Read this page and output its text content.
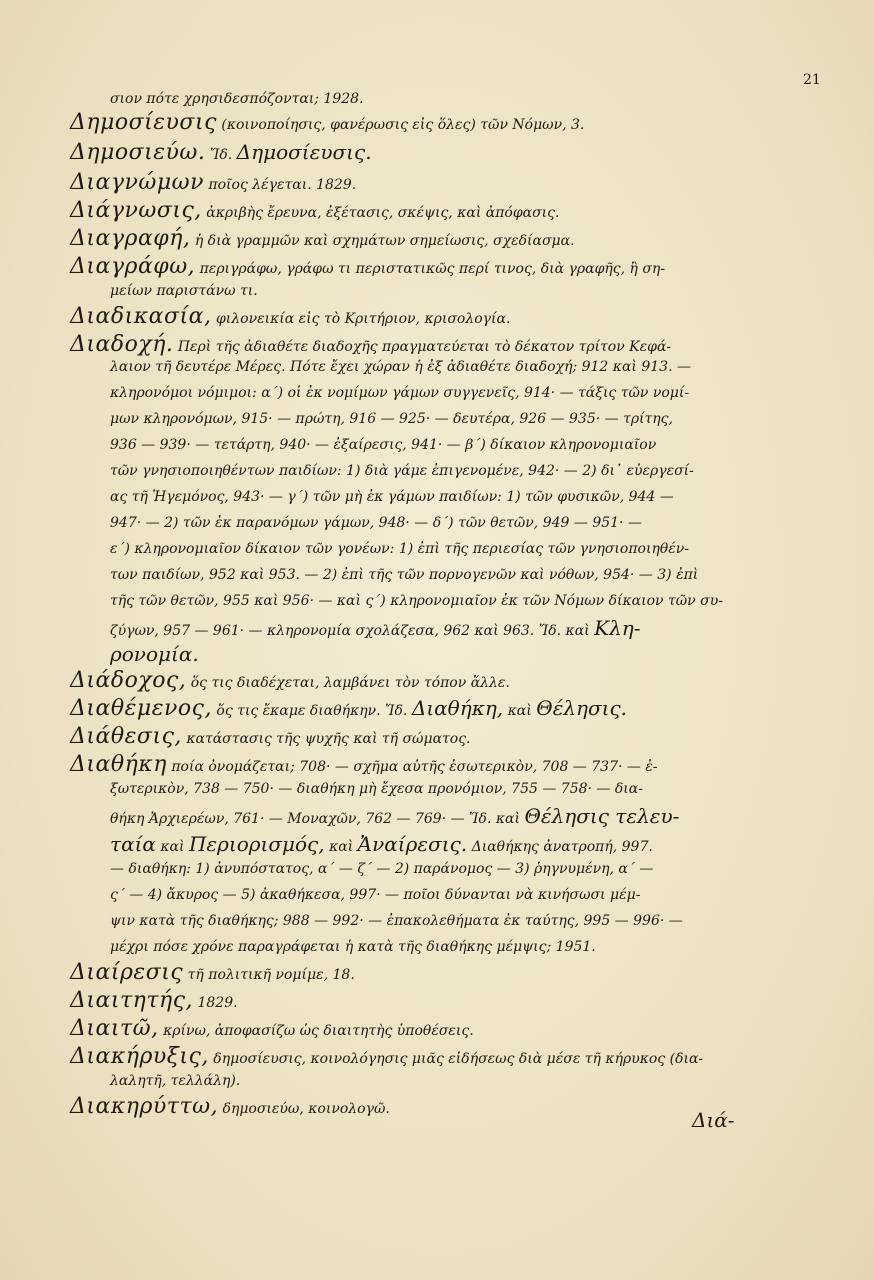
21
σιον πότε χρησιδεσπόζονται; 1928.
Δημοσίευσις (κοινοποίησις, φανέρωσις εἰς ὅλες) τῶν Νόμων, 3.
Δημοσιεύω. Ἴδ. Δημοσίευσις.
Διαγνώμων ποῖος λέγεται. 1829.
Διάγνωσις, ἀκριβὴς ἔρευνα, ἐξέτασις, σκέψις, καὶ ἀπόφασις.
Διαγραφή, ἡ διὰ γραμμῶν καὶ σχημάτων σημείωσις, σχεδίασμα.
Διαγράφω, περιγράφω, γράφω τι περιστατικῶς περί τινος, διὰ γραφῆς, ἢ ση-
μείων παριστάνω τι.
Διαδικασία, φιλονεικία εἰς τὸ Κριτήριον, κρισολογία.
Διαδοχή. Περὶ τῆς ἀδιαθέτε διαδοχῆς πραγματεύεται τὸ δέκατον τρίτον Κεφά-
λαιον τῆ δευτέρε Μέρες. Πότε ἔχει χώραν ἡ ἐξ ἀδιαθέτε διαδοχή; 912 καὶ 913. —
κληρονόμοι νόμιμοι: α΄) οἱ ἐκ νομίμων γάμων συγγενεῖς, 914· — τάξις τῶν νομί-
μων κληρονόμων, 915· — πρώτη, 916 — 925· — δευτέρα, 926 — 935· — τρίτης,
936 — 939· — τετάρτη, 940· — ἐξαίρεσις, 941· — β΄) δίκαιον κληρονομιαῖον
τῶν γνησιοποιηθέντων παιδίων: 1) διὰ γάμε ἐπιγενομένε, 942· — 2) δι᾽ εὐεργεσί-
ας τῆ Ἡγεμόνος, 943· — γ΄) τῶν μὴ ἐκ γάμων παιδίων: 1) τῶν φυσικῶν, 944 —
947· — 2) τῶν ἐκ παρανόμων γάμων, 948· — δ΄) τῶν θετῶν, 949 — 951· —
ε΄) κληρονομιαῖον δίκαιον τῶν γονέων: 1) ἐπὶ τῆς περιεσίας τῶν γνησιοποιηθέν-
των παιδίων, 952 καὶ 953. — 2) ἐπὶ τῆς τῶν πορνογενῶν καὶ νόθων, 954· — 3) ἐπὶ
τῆς τῶν θετῶν, 955 καὶ 956· — καὶ ς΄) κληρονομιαῖον ἐκ τῶν Νόμων δίκαιον τῶν συ-
ζύγων, 957 — 961· — κληρονομία σχολάζεσα, 962 καὶ 963. Ἴδ. καὶ Κλη-
ρονομία.
Διάδοχος, ὅς τις διαδέχεται, λαμβάνει τὸν τόπον ἄλλε.
Διαθέμενος, ὅς τις ἔκαμε διαθήκην. Ἴδ. Διαθήκη, καὶ Θέλησις.
Διάθεσις, κατάστασις τῆς ψυχῆς καὶ τῆ σώματος.
Διαθήκη ποία ὀνομάζεται; 708· — σχῆμα αὐτῆς ἐσωτερικὸν, 708 — 737· — ἐ-
ξωτερικὸν, 738 — 750· — διαθήκη μὴ ἔχεσα προνόμιον, 755 — 758· — δια-
θήκη Ἀρχιερέων, 761· — Μοναχῶν, 762 — 769· — Ἴδ. καὶ Θέλησις τελευ-
ταία καὶ Περιορισμός, καὶ Ἀναίρεσις. Διαθήκης ἀνατροπή, 997.
— διαθήκη: 1) ἀνυπόστατος, α΄ — ζ΄ — 2) παράνομος — 3) ῥηγνυμένη, α΄ —
ς΄ — 4) ἄκυρος — 5) ἀκαθήκεσα, 997· — ποῖοι δύνανται νὰ κινήσωσι μέμ-
ψιν κατὰ τῆς διαθήκης; 988 — 992· — ἐπακολεθήματα ἐκ ταύτης, 995 — 996· —
μέχρι πόσε χρόνε παραγράφεται ἡ κατὰ τῆς διαθήκης μέμψις; 1951.
Διαίρεσις τῆ πολιτικῆ νομίμε, 18.
Διαιτητής, 1829.
Διαιτῶ, κρίνω, ἀποφασίζω ὡς διαιτητὴς ὑποθέσεις.
Διακήρυξις, δημοσίευσις, κοινολόγησις μιᾶς εἰδήσεως διὰ μέσε τῆ κήρυκος (δια-
λαλητῆ, τελλάλη).
Διακηρύττω, δημοσιεύω, κοινολογῶ.	Διά-
